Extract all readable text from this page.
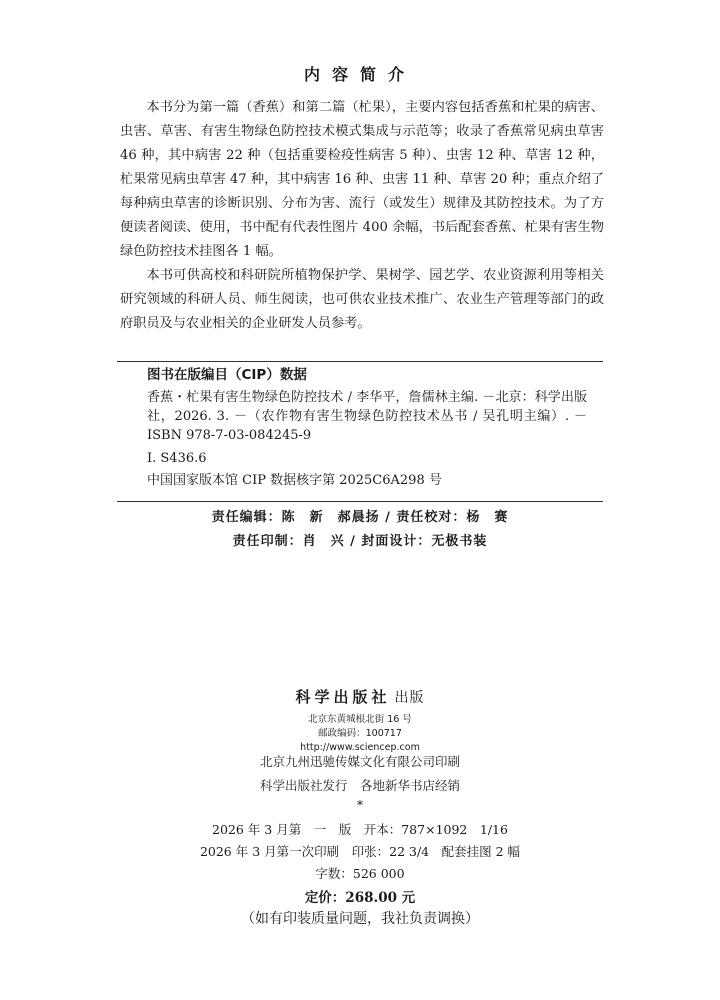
内容简介

本书分为第一篇（香蕉）和第二篇（杧果），主要内容包括香蕉和杧果的病害、虫害、草害、有害生物绿色防控技术模式集成与示范等；收录了香蕉常见病虫草害 46 种，其中病害 22 种（包括重要检疫性病害 5 种）、虫害 12 种、草害 12 种，杧果常见病虫草害 47 种，其中病害 16 种、虫害 11 种、草害 20 种；重点介绍了每种病虫草害的诊断识别、分布为害、流行（或发生）规律及其防控技术。为了方便读者阅读、使用，书中配有代表性图片 400 余幅，书后配套香蕉、杧果有害生物绿色防控技术挂图各 1 幅。

本书可供高校和科研院所植物保护学、果树学、园艺学、农业资源利用等相关研究领域的科研人员、师生阅读，也可供农业技术推广、农业生产管理等部门的政府职员及与农业相关的企业研发人员参考。

图书在版编目（CIP）数据

香蕉・杧果有害生物绿色防控技术 / 李华平，詹儒林主编. －北京：科学出版社，2026. 3. －（农作物有害生物绿色防控技术丛书 / 吴孔明主编）. －ISBN 978-7-03-084245-9

Ⅰ. S436.6

中国国家版本馆 CIP 数据核字第 2025C6A298 号

责任编辑：陈　新　郝晨扬 / 责任校对：杨　赛
责任印制：肖　兴 / 封面设计：无极书装

科学出版社 出版

北京东黄城根北街 16 号

邮政编码：100717

http://www.sciencep.com

北京九州迅驰传媒文化有限公司印刷

科学出版社发行　各地新华书店经销

*

2026 年 3 月第　一　版　开本：787×1092　1/16

2026 年 3 月第一次印刷　印张：22 3/4　配套挂图 2 幅

字数：526 000

定价：268.00 元

（如有印装质量问题，我社负责调换）
